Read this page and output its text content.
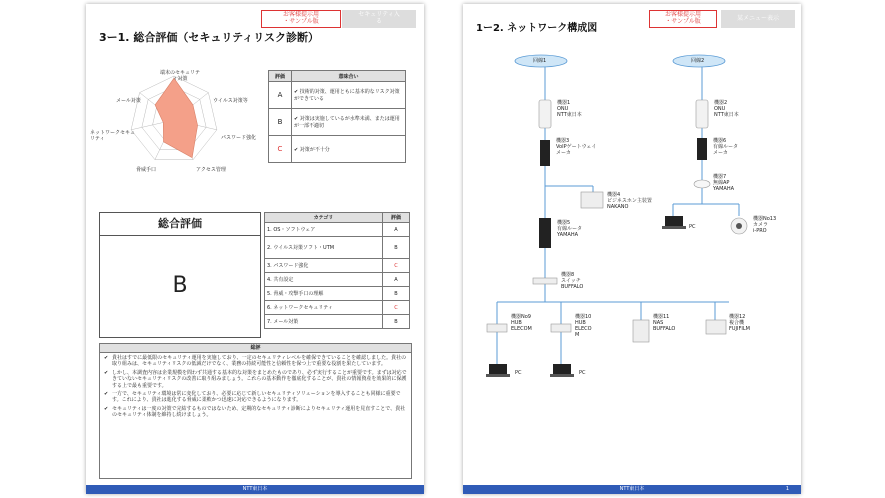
お客様提示用
・サンプル版
セキュリティ入
る
3ー1. 総合評価（セキュリティリスク診断）
端末のセキュリティ対策
ウイルス対策等
パスワード強化
アクセス管理
脅威手口
ネットワークセキュリティ
メール対策
評価	意味合い
A	✔ 技術的対策、運用ともに基本的なリスク対策ができている
B	✔ 対策は実施しているが水準未満、または運用が一部不適切
C	✔ 対策が不十分
総合評価
B
カテゴリ	評価
1. OS・ソフトウェア	A
2. ウイルス対策ソフト・UTM	B
3. パスワード強化	C
4. 共有設定	A
5. 脅威・攻撃手口の理解	B
6. ネットワークセキュリティ	C
7. メール対策	B
総評
✔ 貴社はすでに最低限のセキュリティ運用を実施しており、一定のセキュリティレベルを確保できていることを確認しました。貴社の取り組みは、セキュリティリスクの低減だけでなく、業務の持続可能性と信頼性を保つ上で重要な役割を果たしています。
✔ しかし、本調査内容は企業規模を問わず共通する基本的な対策をまとめたものであり、必ず実行することが重要です。まずは対応できていないセキュリティリスクの改善に取り組みましょう。これらの基本動作を徹底化することが、貴社の情報資産を効果的に保護する上で最も重要です。
✔ 一方で、セキュリティ環境は常に変化しており、必要に応じて新しいセキュリティソリューションを導入することも同様に重要です。これにより、貴社は進化する脅威に柔軟かつ迅速に対応できるようになります。
✔ セキュリティは一度の対策で完結するものではないため、定期的なセキュリティ診断によりセキュリティ運用を見直すことで、貴社のセキュリティ体制を維持し続けましょう。
NTT東日本
お客様提示用
・サンプル版	某メニュー表示
1ー2. ネットワーク構成図
回線1	回線2
機器1
ONU
NTT東日本
機器2
ONU
NTT東日本
機器3
VoIPゲートウェイ
メーカ
機器6
有線ルータ
メーカ
機器4
ビジネスホン主装置
NAKANO
機器7
無線AP
YAMAHA
機器5
有線ルータ
YAMAHA
PC
機器No13
カメラ
i-PRO
機器8
スイッチ
BUFFALO
機器No9
HUB
ELECOM
機器10
HUB
ELECO
M
機器11
NAS
BUFFALO
機器12
複合機
FUJIFILM
PC	PC
NTT東日本	1
